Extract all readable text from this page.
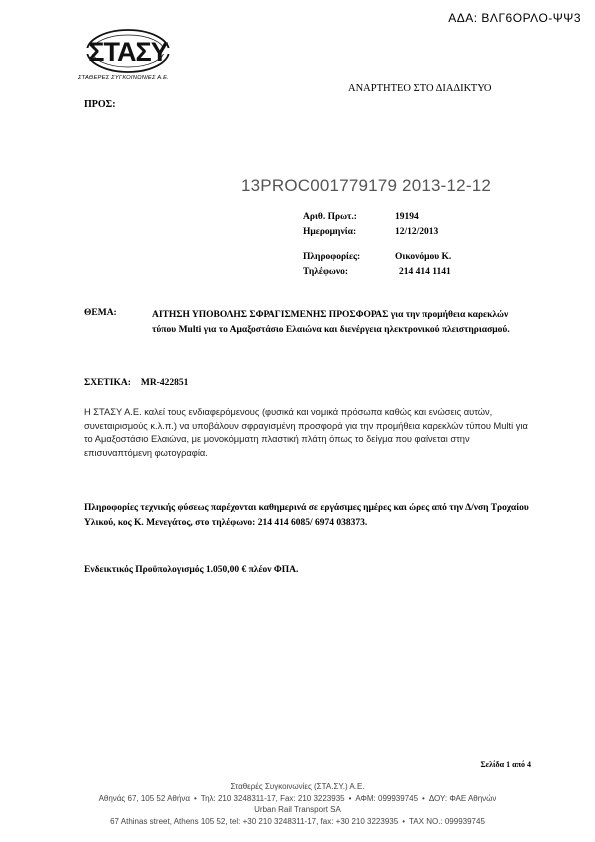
ΑΔΑ: ΒΛΓ6ΟΡΛΟ-ΨΨ3
ΣΤΑΣΥ
ΣΤΑΘΕΡΕΣ ΣΥΓΚΟΙΝΩΝΙΕΣ Α.Ε.
ΑΝΑΡΤΗΤΕΟ ΣΤΟ ΔΙΑΔΙΚΤΥΟ
ΠΡΟΣ:
13PROC001779179 2013-12-12
Αριθ. Πρωτ.:	19194
Ημερομηνία:	12/12/2013
Πληροφορίες:	Οικονόμου Κ.
Τηλέφωνο:	214 414 1141
ΘΕΜΑ:	ΑΙΤΗΣΗ ΥΠΟΒΟΛΗΣ ΣΦΡΑΓΙΣΜΕΝΗΣ ΠΡΟΣΦΟΡΑΣ για την προμήθεια καρεκλών τύπου Multi για το Αμαξοστάσιο Ελαιώνα και διενέργεια ηλεκτρονικού πλειστηριασμού.
ΣΧΕΤΙΚΑ: MR-422851
Η ΣΤΑΣΥ Α.Ε. καλεί τους ενδιαφερόμενους (φυσικά και νομικά πρόσωπα καθώς και ενώσεις αυτών, συνεταιρισμούς κ.λ.π.) να υποβάλουν σφραγισμένη προσφορά για την προμήθεια καρεκλών τύπου Multi για το Αμαξοστάσιο Ελαιώνα, με μονοκόμματη πλαστική πλάτη όπως το δείγμα που φαίνεται στην επισυναπτόμενη φωτογραφία.
Πληροφορίες τεχνικής φύσεως παρέχονται καθημερινά σε εργάσιμες ημέρες και ώρες από την Δ/νση Τροχαίου Υλικού, κος Κ. Μενεγάτος, στο τηλέφωνο: 214 414 6085/ 6974 038373.
Ενδεικτικός Προϋπολογισμός 1.050,00 € πλέον ΦΠΑ.
Σελίδα 1 από 4
Σταθερές Συγκοινωνίες (ΣΤΑ.ΣΥ.) Α.Ε.
Αθηνάς 67, 105 52 Αθήνα • Τηλ: 210 3248311-17, Fax: 210 3223935 • ΑΦΜ: 099939745 • ΔΟΥ: ΦΑΕ Αθηνών
Urban Rail Transport SA
67 Athinas street, Athens 105 52, tel: +30 210 3248311-17, fax: +30 210 3223935 • TAX NO.: 099939745
